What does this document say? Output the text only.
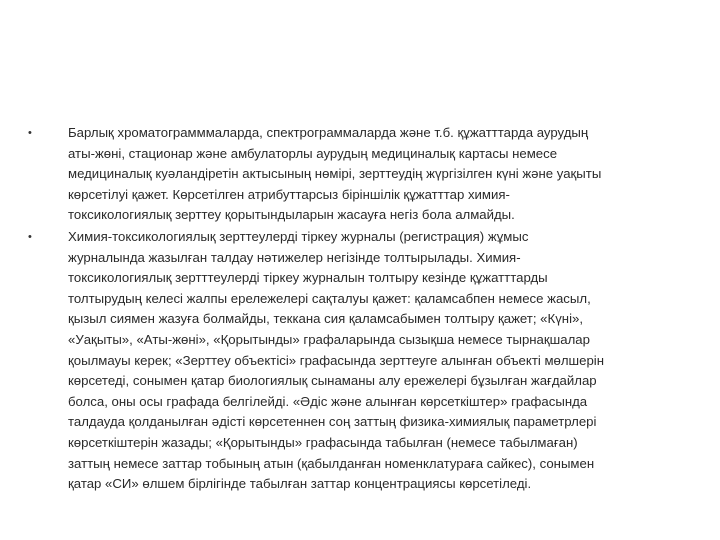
•	Барлық хроматограмммаларда, спектрограммаларда және т.б. құжатттарда аурудың
аты-жөні, стационар және амбулаторлы аурудың медициналық картасы немесе
медициналық куәландіретін актысының нөмірі, зерттеудің жүргізілген күні және уақыты
көрсетілуі қажет. Көрсетілген атрибуттарсыз біріншілік құжатттар химия-
токсикологиялық зерттеу қорытындыларын жасауға негіз бола алмайды.

•	Химия-токсикологиялық зерттеулерді тіркеу журналы (регистрация) жұмыс
журналында жазылған талдау нәтижелер негізінде толтырылады. Химия-
токсикологиялық зертттеулерді тіркеу журналын толтыру кезінде құжатттарды
толтырудың келесі жалпы ерележелері сақталуы қажет: қаламсабпен немесе жасыл,
қызыл сиямен жазуға болмайды, теккана сия қаламсабымен толтыру қажет; «Күні»,
«Уақыты», «Аты-жөні», «Қорытынды» графаларында сызықша немесе тырнақшалар
қоылмауы керек; «Зерттеу объектісі» графасында зерттеуге алынған объекті мөлшерін
көрсетеді, сонымен қатар биологиялық сынаманы алу ережелері бұзылған жағдайлар
болса, оны осы графада белгілейді. «Әдіс және алынған көрсеткіштер» графасында
талдауда қолданылған әдісті көрсетеннен соң заттың физика-химиялық параметрлері
көрсеткіштерін жазады; «Қорытынды» графасында табылған (немесе табылмаған)
заттың немесе заттар тобының атын (қабылданған номенклатураға сайкес), сонымен
қатар «СИ» өлшем бірлігінде табылған заттар концентрациясы көрсетіледі.
